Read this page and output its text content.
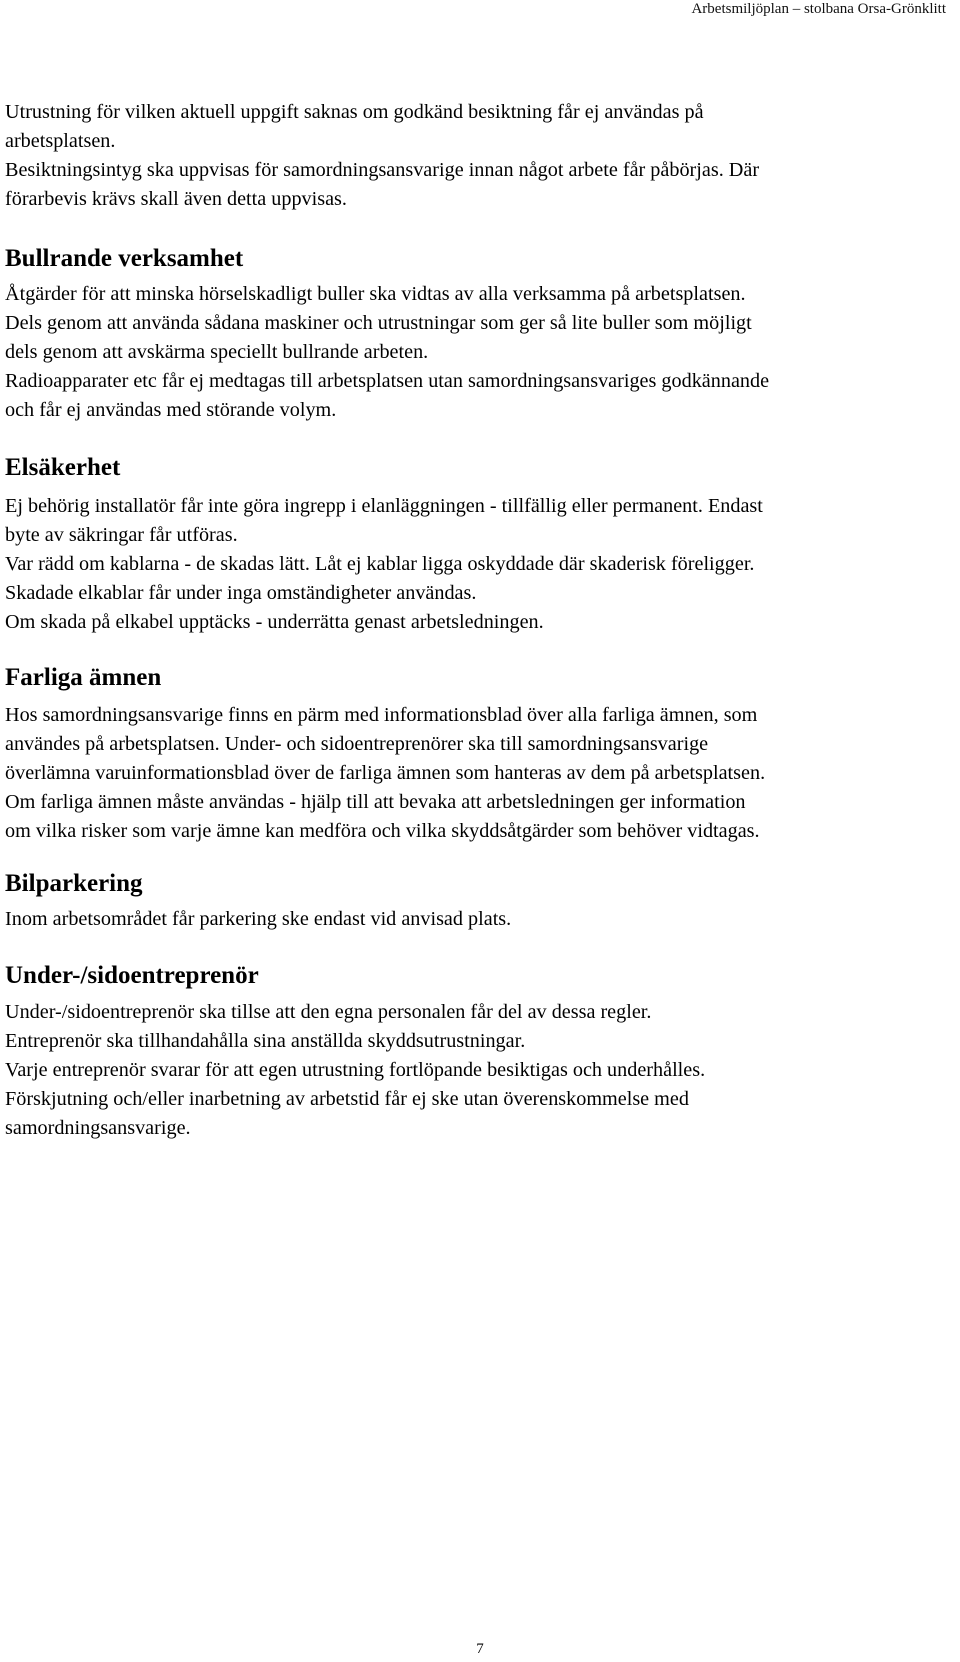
Arbetsmiljöplan – stolbana Orsa-Grönklitt

Utrustning för vilken aktuell uppgift saknas om godkänd besiktning får ej användas på

arbetsplatsen.

Besiktningsintyg ska uppvisas för samordningsansvarige innan något arbete får påbörjas. Där

förarbevis krävs skall även detta uppvisas.

Bullrande verksamhet

Åtgärder för att minska hörselskadligt buller ska vidtas av alla verksamma på arbetsplatsen.

Dels genom att använda sådana maskiner och utrustningar som ger så lite buller som möjligt

dels genom att avskärma speciellt bullrande arbeten.

Radioapparater etc får ej medtagas till arbetsplatsen utan samordningsansvariges godkännande

och får ej användas med störande volym.

Elsäkerhet

Ej behörig installatör får inte göra ingrepp i elanläggningen - tillfällig eller permanent. Endast

byte av säkringar får utföras.

Var rädd om kablarna - de skadas lätt. Låt ej kablar ligga oskyddade där skaderisk föreligger.

Skadade elkablar får under inga omständigheter användas.

Om skada på elkabel upptäcks - underrätta genast arbetsledningen.

Farliga ämnen

Hos samordningsansvarige finns en pärm med informationsblad över alla farliga ämnen, som

användes på arbetsplatsen. Under- och sidoentreprenörer ska till samordningsansvarige

överlämna varuinformationsblad över de farliga ämnen som hanteras av dem på arbetsplatsen.

Om farliga ämnen måste användas - hjälp till att bevaka att arbetsledningen ger information

om vilka risker som varje ämne kan medföra och vilka skyddsåtgärder som behöver vidtagas.

Bilparkering

Inom arbetsområdet får parkering ske endast vid anvisad plats.

Under-/sidoentreprenör

Under-/sidoentreprenör ska tillse att den egna personalen får del av dessa regler.

Entreprenör ska tillhandahålla sina anställda skyddsutrustningar.

Varje entreprenör svarar för att egen utrustning fortlöpande besiktigas och underhålles.

Förskjutning och/eller inarbetning av arbetstid får ej ske utan överenskommelse med

samordningsansvarige.

7
